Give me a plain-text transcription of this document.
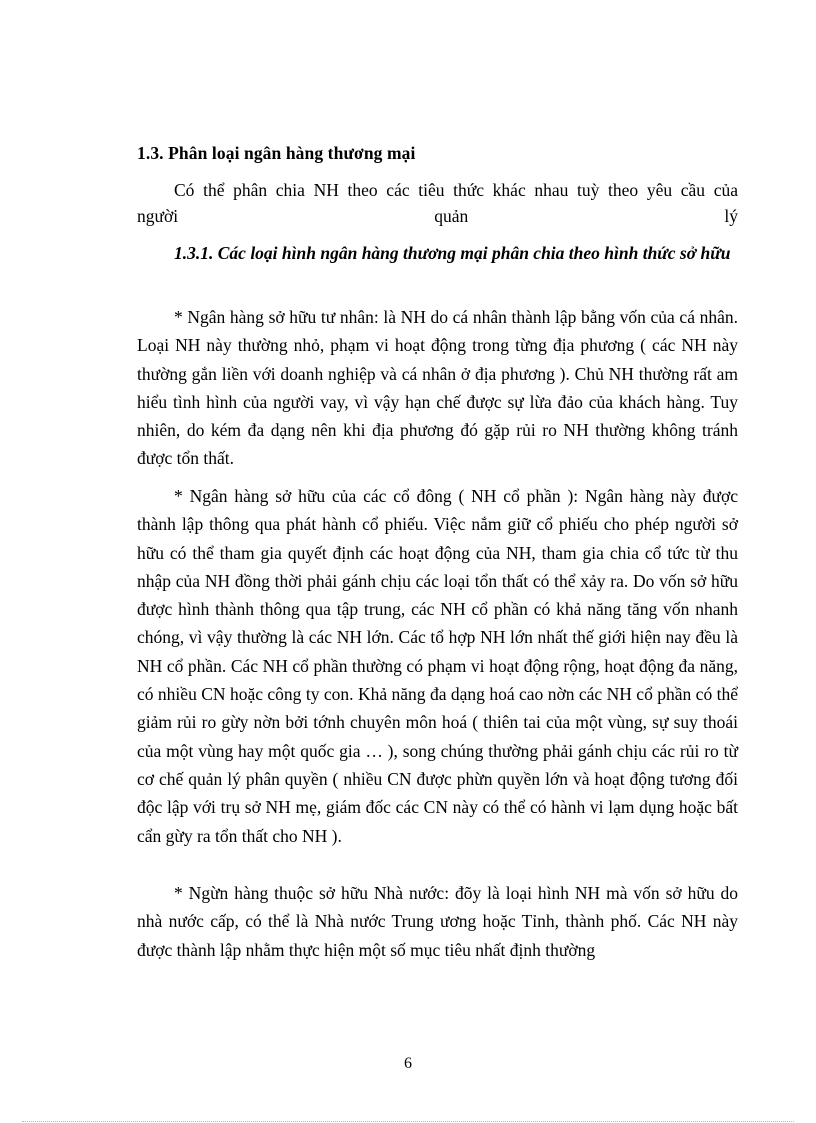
1.3. Phân loại ngân hàng thương mại
Có thể phân chia NH theo các tiêu thức khác nhau tuỳ theo yêu cầu của
người	quản	lý
1.3.1. Các loại hình ngân hàng thương mại phân chia theo hình thức sở hữu
* Ngân hàng sở hữu tư nhân: là NH do cá nhân thành lập bằng vốn của cá nhân. Loại NH này thường nhỏ, phạm vi hoạt động trong từng địa phương ( các NH này thường gắn liền với doanh nghiệp và cá nhân ở địa phương ). Chủ NH thường rất am hiểu tình hình của người vay, vì vậy hạn chế được sự lừa đảo của khách hàng. Tuy nhiên, do kém đa dạng nên khi địa phương đó gặp rủi ro NH thường không tránh được tổn thất.
* Ngân hàng sở hữu của các cổ đông ( NH cổ phần ): Ngân hàng này được thành lập thông qua phát hành cổ phiếu. Việc nắm giữ cổ phiếu cho phép người sở hữu có thể tham gia quyết định các hoạt động của NH, tham gia chia cổ tức từ thu nhập của NH đồng thời phải gánh chịu các loại tổn thất có thể xảy ra. Do vốn sở hữu được hình thành thông qua tập trung, các NH cổ phần có khả năng tăng vốn nhanh chóng, vì vậy thường là các NH lớn. Các tổ hợp NH lớn nhất thế giới hiện nay đều là NH cổ phần. Các NH cổ phần thường có phạm vi hoạt động rộng, hoạt động đa năng, có nhiều CN hoặc công ty con. Khả năng đa dạng hoá cao nờn các NH cổ phần có thể giảm rủi ro gừy nờn bởi tớnh chuyên môn hoá ( thiên tai của một vùng, sự suy thoái của một vùng hay một quốc gia … ), song chúng thường phải gánh chịu các rủi ro từ cơ chế quản lý phân quyền ( nhiều CN được phừn quyền lớn và hoạt động tương đối độc lập với trụ sở NH mẹ, giám đốc các CN này có thể có hành vi lạm dụng hoặc bất cẩn gừy ra tổn thất cho NH ).
* Ngừn hàng thuộc sở hữu Nhà nước: đõy là loại hình NH mà vốn sở hữu do nhà nước cấp, có thể là Nhà nước Trung ương hoặc Tỉnh, thành phố. Các NH này được thành lập nhằm thực hiện một số mục tiêu nhất định thường
6
